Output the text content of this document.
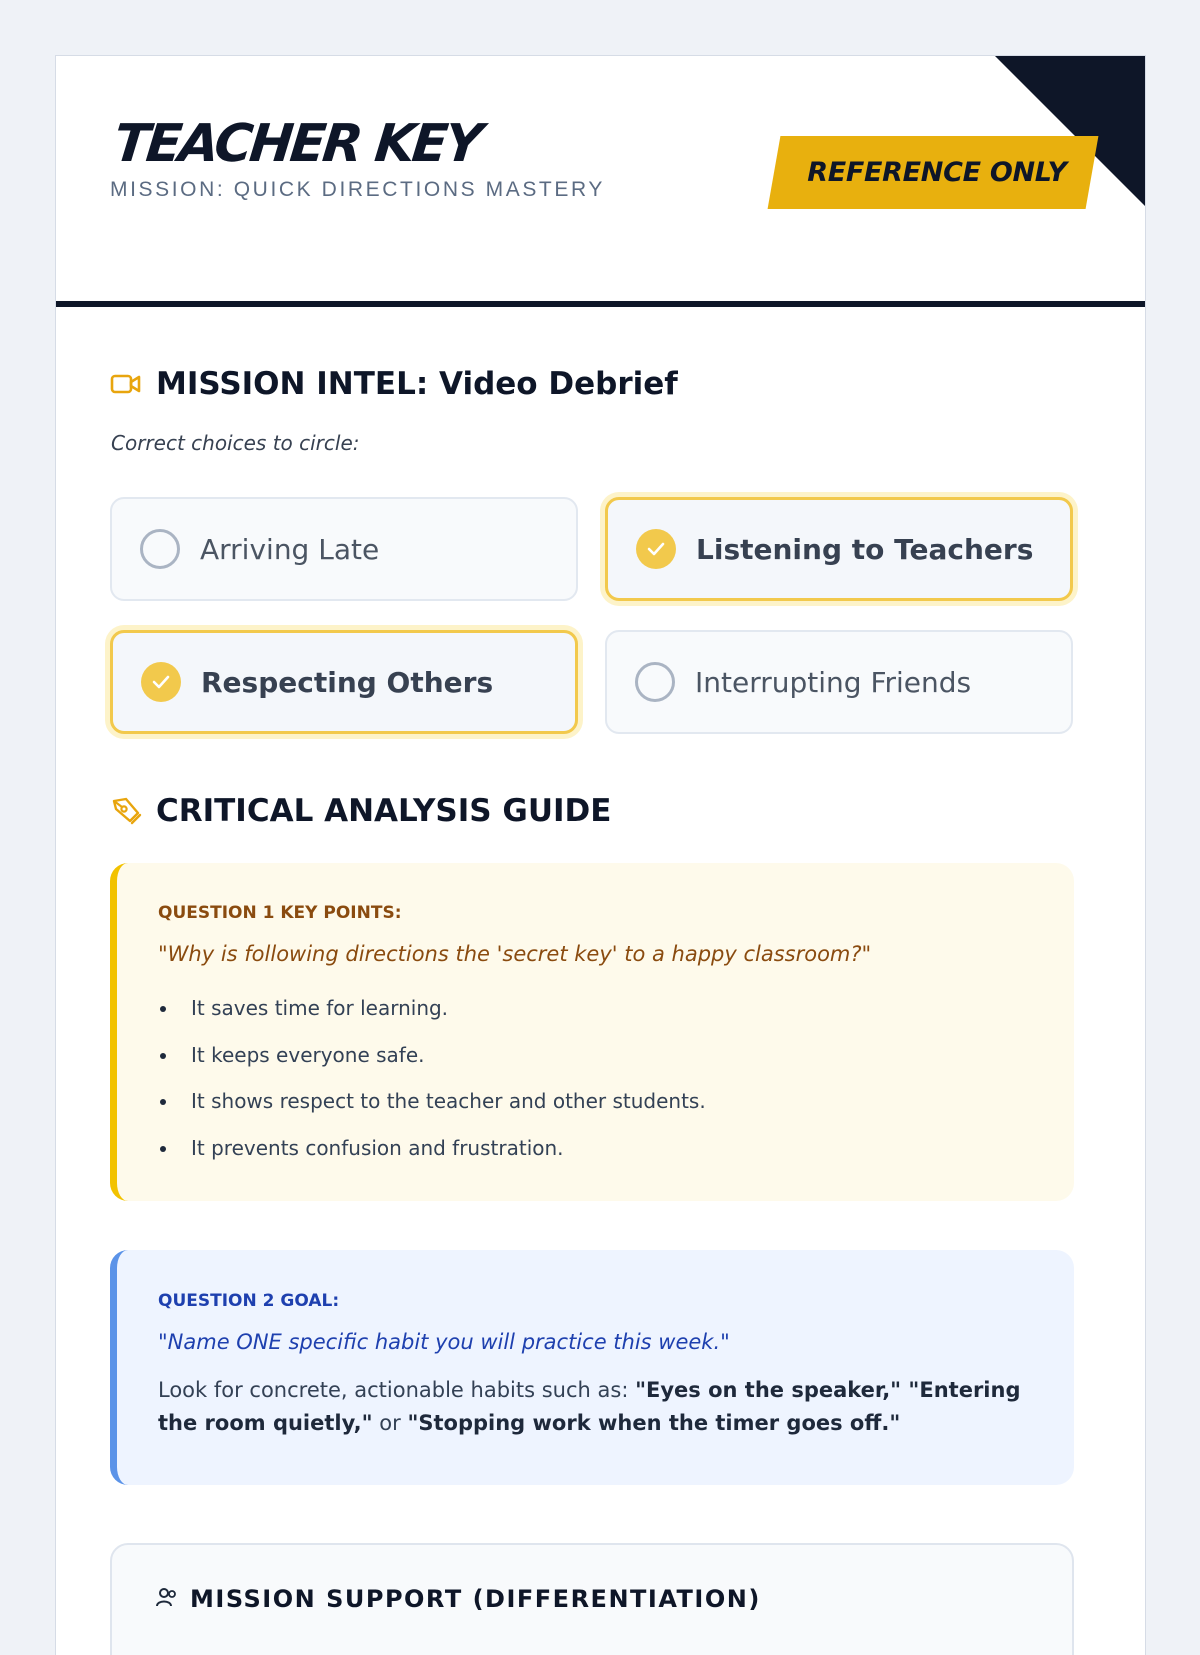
TEACHER KEY
MISSION: QUICK DIRECTIONS MASTERY
REFERENCE ONLY
MISSION INTEL: Video Debrief
Correct choices to circle:
Arriving Late	Listening to Teachers
Respecting Others	Interrupting Friends
CRITICAL ANALYSIS GUIDE
QUESTION 1 KEY POINTS:
"Why is following directions the 'secret key' to a happy classroom?"
It saves time for learning.
It keeps everyone safe.
It shows respect to the teacher and other students.
It prevents confusion and frustration.
QUESTION 2 GOAL:
"Name ONE specific habit you will practice this week."
Look for concrete, actionable habits such as: "Eyes on the speaker," "Entering the room quietly," or "Stopping work when the timer goes off."
MISSION SUPPORT (DIFFERENTIATION)
